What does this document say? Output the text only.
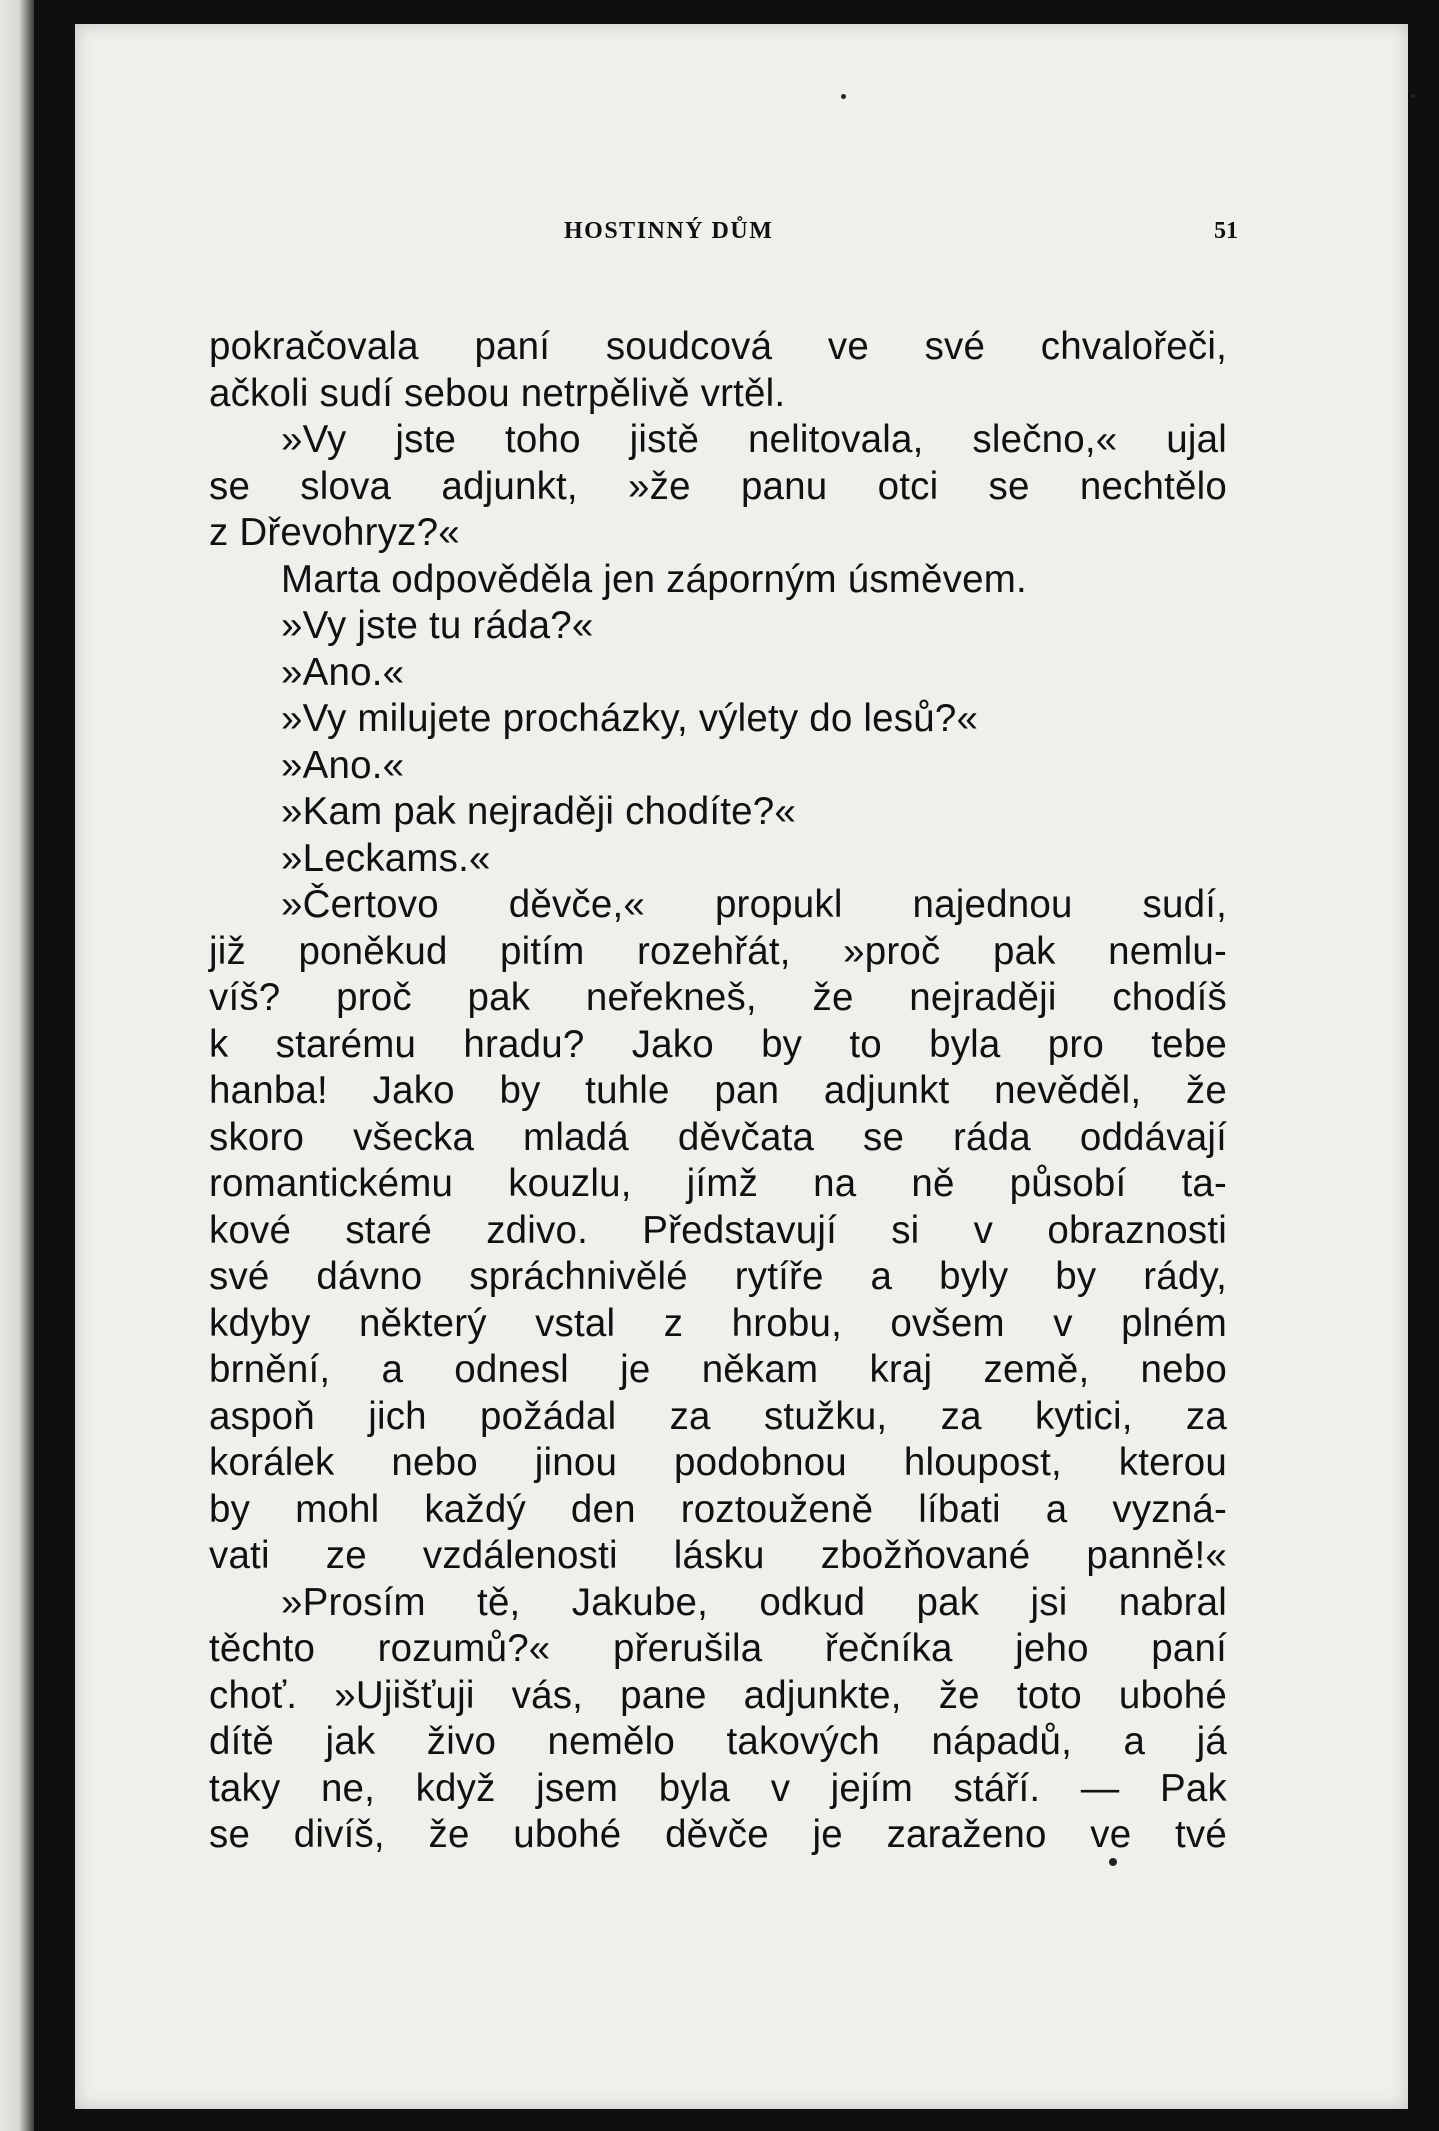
HOSTINNÝ DŮM	51
pokračovala paní soudcová ve své chvalořeči,
ačkoli sudí sebou netrpělivě vrtěl.
»Vy jste toho jistě nelitovala, slečno,« ujal
se slova adjunkt, »že panu otci se nechtělo
z Dřevohryz?«
Marta odpověděla jen záporným úsměvem.
»Vy jste tu ráda?«
»Ano.«
»Vy milujete procházky, výlety do lesů?«
»Ano.«
»Kam pak nejraději chodíte?«
»Leckams.«
»Čertovo děvče,« propukl najednou sudí,
již poněkud pitím rozehřát, »proč pak nemlu-
víš? proč pak neřekneš, že nejraději chodíš
k starému hradu? Jako by to byla pro tebe
hanba! Jako by tuhle pan adjunkt nevěděl, že
skoro všecka mladá děvčata se ráda oddávají
romantickému kouzlu, jímž na ně působí ta-
kové staré zdivo. Představují si v obraznosti
své dávno spráchnivělé rytíře a byly by rády,
kdyby některý vstal z hrobu, ovšem v plném
brnění, a odnesl je někam kraj země, nebo
aspoň jich požádal za stužku, za kytici, za
korálek nebo jinou podobnou hloupost, kterou
by mohl každý den roztouženě líbati a vyzná-
vati ze vzdálenosti lásku zbožňované panně!«
»Prosím tě, Jakube, odkud pak jsi nabral
těchto rozumů?« přerušila řečníka jeho paní
choť. »Ujišťuji vás, pane adjunkte, že toto ubohé
dítě jak živo nemělo takových nápadů, a já
taky ne, když jsem byla v jejím stáří. — Pak
se divíš, že ubohé děvče je zaraženo ve tvé
